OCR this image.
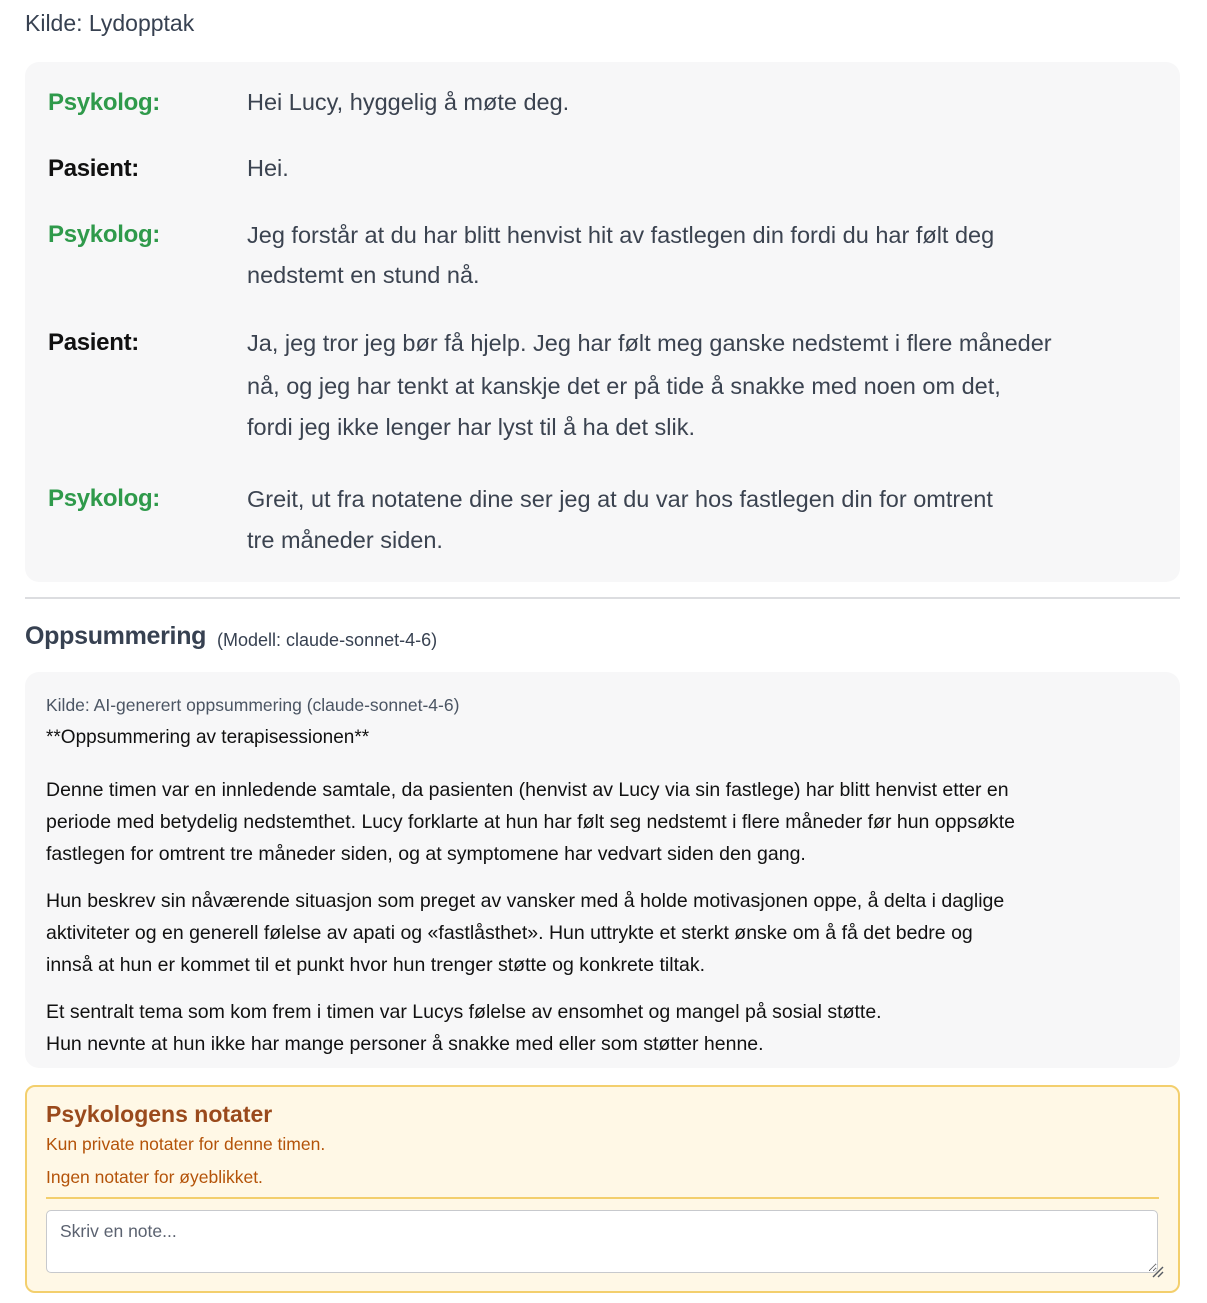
Kilde: Lydopptak
Psykolog:	Hei Lucy, hyggelig å møte deg.
Pasient:	Hei.
Psykolog:	Jeg forstår at du har blitt henvist hit av fastlegen din fordi du har følt deg
nedstemt en stund nå.
Pasient:	Ja, jeg tror jeg bør få hjelp. Jeg har følt meg ganske nedstemt i flere måneder
nå, og jeg har tenkt at kanskje det er på tide å snakke med noen om det,
fordi jeg ikke lenger har lyst til å ha det slik.
Psykolog:	Greit, ut fra notatene dine ser jeg at du var hos fastlegen din for omtrent
tre måneder siden.
Oppsummering (Modell: claude-sonnet-4-6)
Kilde: AI-generert oppsummering (claude-sonnet-4-6)
**Oppsummering av terapisessionen**
Denne timen var en innledende samtale, da pasienten (henvist av Lucy via sin fastlege) har blitt henvist etter en
periode med betydelig nedstemthet. Lucy forklarte at hun har følt seg nedstemt i flere måneder før hun oppsøkte
fastlegen for omtrent tre måneder siden, og at symptomene har vedvart siden den gang.
Hun beskrev sin nåværende situasjon som preget av vansker med å holde motivasjonen oppe, å delta i daglige
aktiviteter og en generell følelse av apati og «fastlåsthet». Hun uttrykte et sterkt ønske om å få det bedre og
innså at hun er kommet til et punkt hvor hun trenger støtte og konkrete tiltak.
Et sentralt tema som kom frem i timen var Lucys følelse av ensomhet og mangel på sosial støtte.
Hun nevnte at hun ikke har mange personer å snakke med eller som støtter henne.
Psykologens notater
Kun private notater for denne timen.
Ingen notater for øyeblikket.
Skriv en note...
